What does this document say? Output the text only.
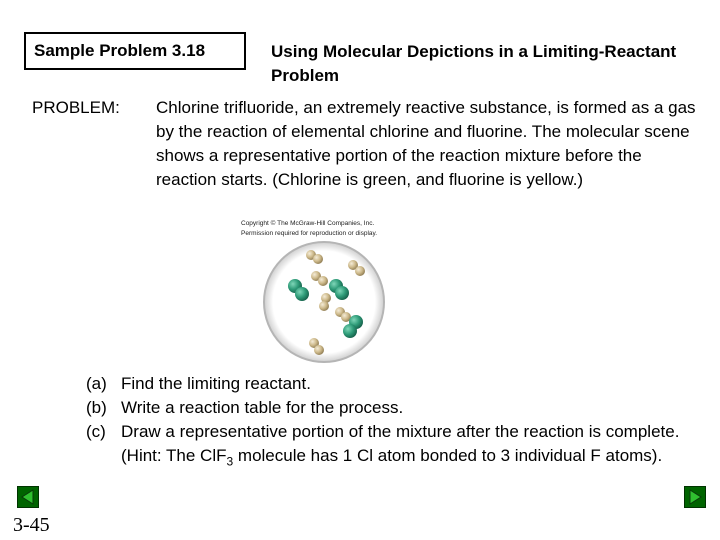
Sample Problem 3.18	Using Molecular Depictions in a Limiting-Reactant Problem
PROBLEM: Chlorine trifluoride, an extremely reactive substance, is formed as a gas by the reaction of elemental chlorine and fluorine. The molecular scene shows a representative portion of the reaction mixture before the reaction starts. (Chlorine is green, and fluorine is yellow.)
Copyright © The McGraw-Hill Companies, Inc.
Permission required for reproduction or display.
(a) Find the limiting reactant.
(b) Write a reaction table for the process.
(c) Draw a representative portion of the mixture after the reaction is complete. (Hint: The ClF$_3$ molecule has 1 Cl atom bonded to 3 individual F atoms).
3-45
